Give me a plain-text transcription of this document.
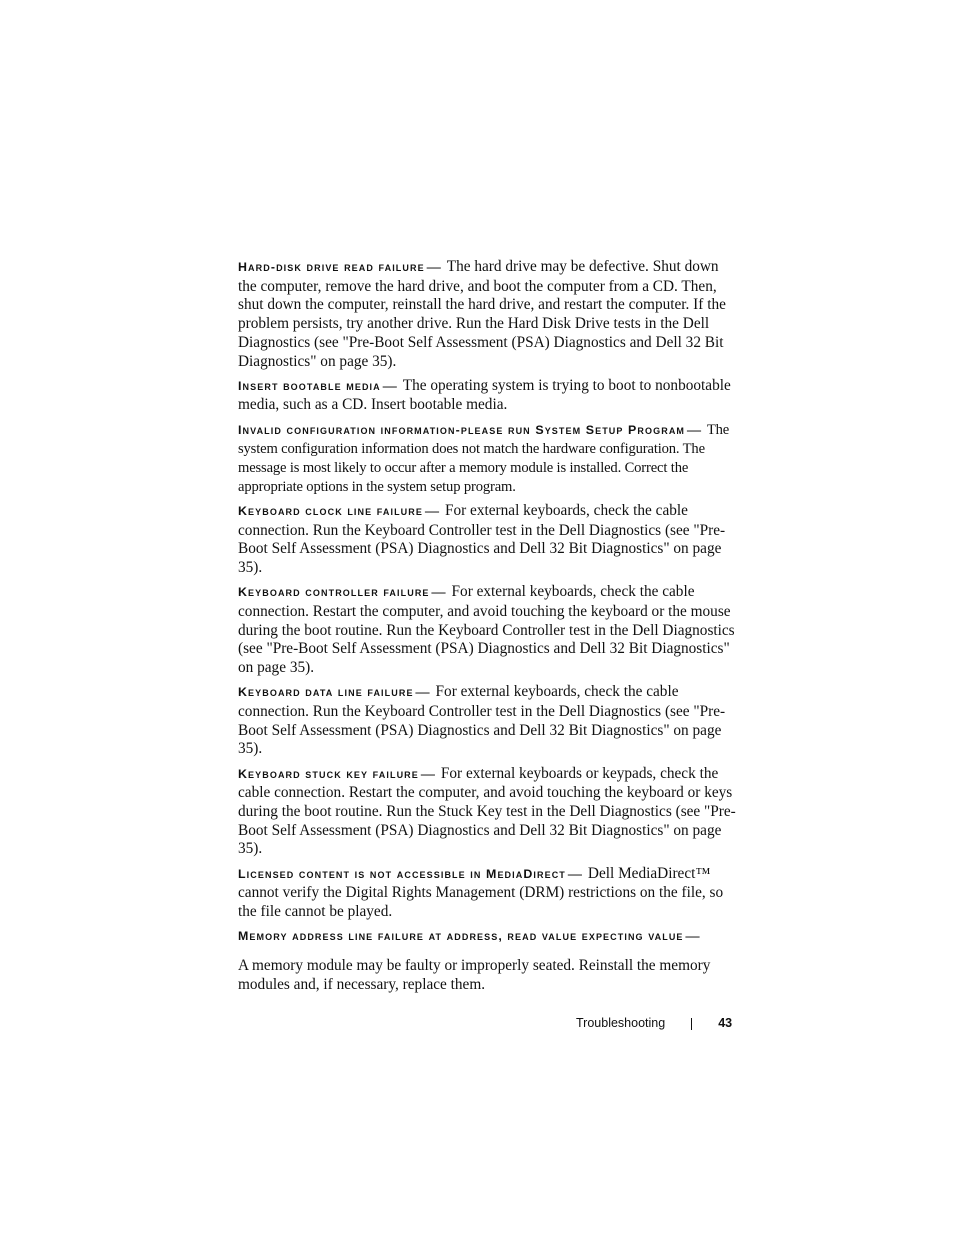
Hard-disk drive read failure — The hard drive may be defective. Shut down the computer, remove the hard drive, and boot the computer from a CD. Then, shut down the computer, reinstall the hard drive, and restart the computer. If the problem persists, try another drive. Run the Hard Disk Drive tests in the Dell Diagnostics (see "Pre-Boot Self Assessment (PSA) Diagnostics and Dell 32 Bit Diagnostics" on page 35).

Insert bootable media — The operating system is trying to boot to nonbootable media, such as a CD. Insert bootable media.

Invalid configuration information-please run System Setup Program — The system configuration information does not match the hardware configuration. The message is most likely to occur after a memory module is installed. Correct the appropriate options in the system setup program.

Keyboard clock line failure — For external keyboards, check the cable connection. Run the Keyboard Controller test in the Dell Diagnostics (see "Pre-Boot Self Assessment (PSA) Diagnostics and Dell 32 Bit Diagnostics" on page 35).

Keyboard controller failure — For external keyboards, check the cable connection. Restart the computer, and avoid touching the keyboard or the mouse during the boot routine. Run the Keyboard Controller test in the Dell Diagnostics (see "Pre-Boot Self Assessment (PSA) Diagnostics and Dell 32 Bit Diagnostics" on page 35).

Keyboard data line failure — For external keyboards, check the cable connection. Run the Keyboard Controller test in the Dell Diagnostics (see "Pre-Boot Self Assessment (PSA) Diagnostics and Dell 32 Bit Diagnostics" on page 35).

Keyboard stuck key failure — For external keyboards or keypads, check the cable connection. Restart the computer, and avoid touching the keyboard or keys during the boot routine. Run the Stuck Key test in the Dell Diagnostics (see "Pre-Boot Self Assessment (PSA) Diagnostics and Dell 32 Bit Diagnostics" on page 35).

Licensed content is not accessible in MediaDirect — Dell MediaDirect™ cannot verify the Digital Rights Management (DRM) restrictions on the file, so the file cannot be played.

Memory address line failure at address, read value expecting value —

A memory module may be faulty or improperly seated. Reinstall the memory modules and, if necessary, replace them.

Troubleshooting	43
